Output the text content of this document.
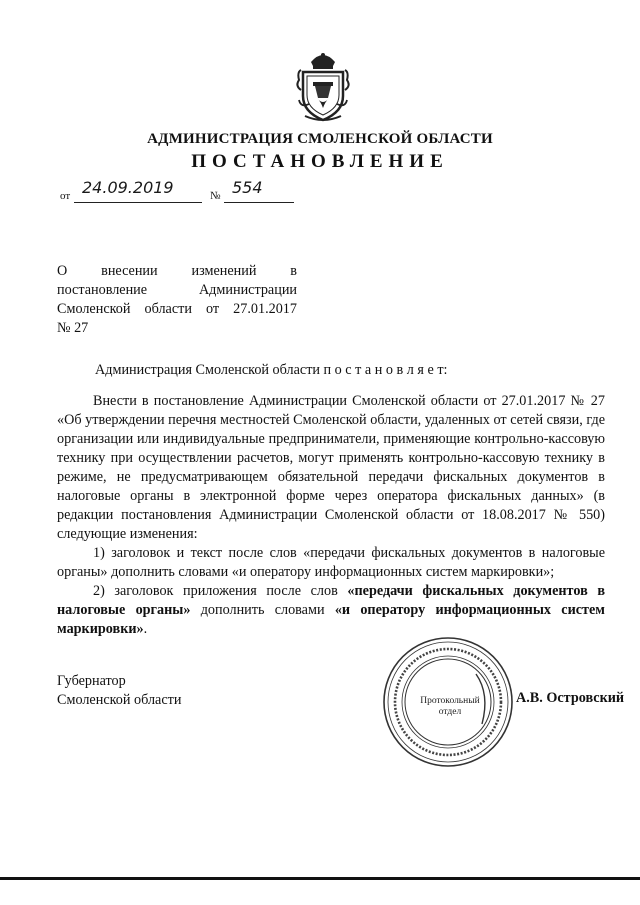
АДМИНИСТРАЦИЯ СМОЛЕНСКОЙ ОБЛАСТИ
ПОСТАНОВЛЕНИЕ
от 24.09.2019	№ 554
О внесении изменений в
постановление Администрации
Смоленской области от 27.01.2017
№ 27
Администрация Смоленской области п о с т а н о в л я е т:

Внести в постановление Администрации Смоленской области от 27.01.2017 № 27 «Об утверждении перечня местностей Смоленской области, удаленных от сетей связи, где организации или индивидуальные предприниматели, применяющие контрольно-кассовую технику при осуществлении расчетов, могут применять контрольно-кассовую технику в режиме, не предусматривающем обязательной передачи фискальных документов в налоговые органы в электронной форме через оператора фискальных данных» (в редакции постановления Администрации Смоленской области от 18.08.2017 № 550) следующие изменения:

1) заголовок и текст после слов «передачи фискальных документов в налоговые органы» дополнить словами «и оператору информационных систем маркировки»;

2) заголовок приложения после слов «передачи фискальных документов в налоговые органы» дополнить словами «и оператору информационных систем маркировки».

Губернатор
Смоленской области	Протокольный
отдел
А.В. Островский
